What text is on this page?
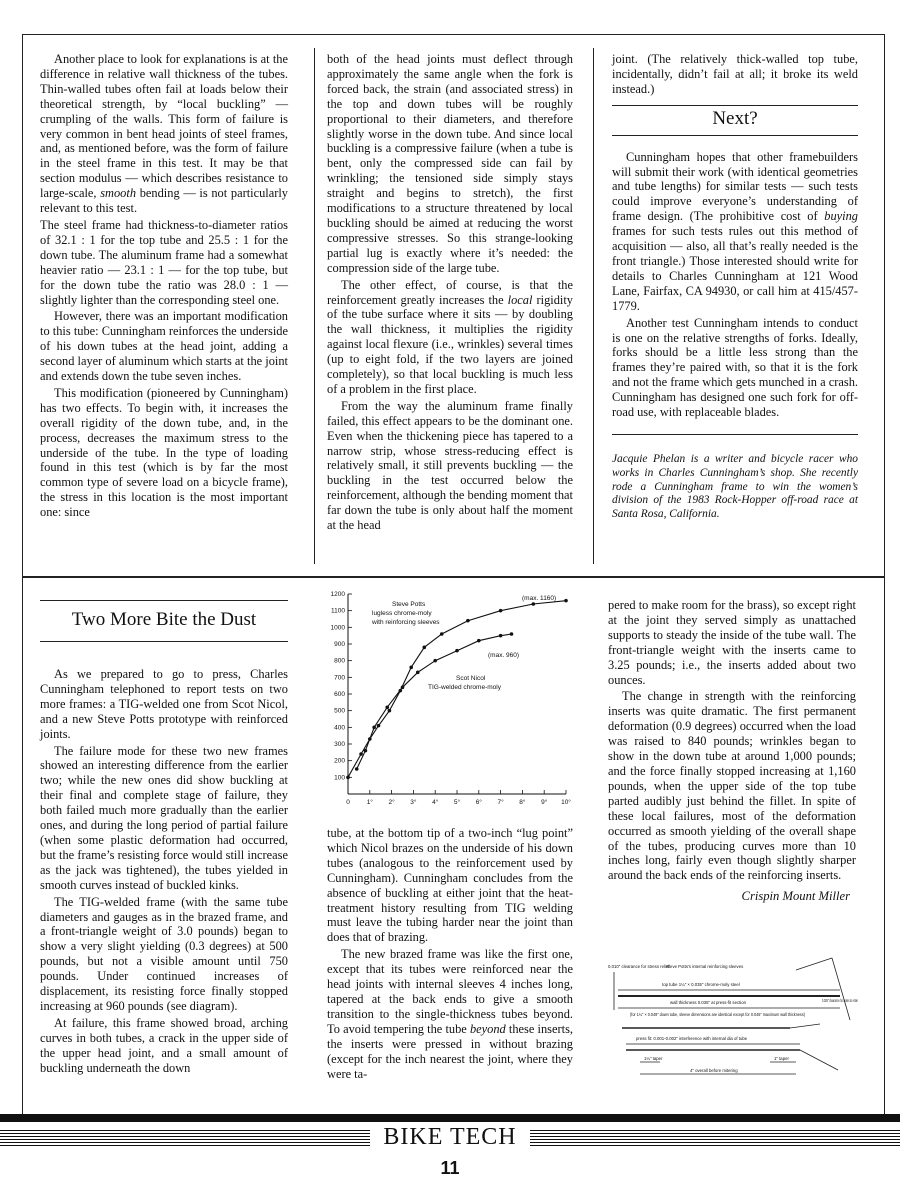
Another place to look for explanations is at the difference in relative wall thickness of the tubes. Thin-walled tubes often fail at loads below their theoretical strength, by “local buckling” — crumpling of the walls. This form of failure is very common in bent head joints of steel frames, and, as mentioned before, was the form of failure in the steel frame in this test. It may be that section modulus — which describes resistance to large-scale, smooth bending — is not particularly relevant to this test.

The steel frame had thickness-to-diameter ratios of 32.1 : 1 for the top tube and 25.5 : 1 for the down tube. The aluminum frame had a somewhat heavier ratio — 23.1 : 1 — for the top tube, but for the down tube the ratio was 28.0 : 1 — slightly lighter than the corresponding steel one.

However, there was an important modification to this tube: Cunningham reinforces the underside of his down tubes at the head joint, adding a second layer of aluminum which starts at the joint and extends down the tube seven inches.

This modification (pioneered by Cunningham) has two effects. To begin with, it increases the overall rigidity of the down tube, and, in the process, decreases the maximum stress to the underside of the tube. In the type of loading found in this test (which is by far the most common type of severe load on a bicycle frame), the stress in this location is the most important one: since

both of the head joints must deflect through approximately the same angle when the fork is forced back, the strain (and associated stress) in the top and down tubes will be roughly proportional to their diameters, and therefore slightly worse in the down tube. And since local buckling is a compressive failure (when a tube is bent, only the compressed side can fail by wrinkling; the tensioned side simply stays straight and begins to stretch), the first modifications to a structure threatened by local buckling should be aimed at reducing the worst compressive stresses. So this strange-looking partial lug is exactly where it’s needed: the compression side of the large tube.

The other effect, of course, is that the reinforcement greatly increases the local rigidity of the tube surface where it sits — by doubling the wall thickness, it multiplies the rigidity against local flexure (i.e., wrinkles) several times (up to eight fold, if the two layers are joined completely), so that local buckling is much less of a problem in the first place.

From the way the aluminum frame finally failed, this effect appears to be the dominant one. Even when the thickening piece has tapered to a narrow strip, whose stress-reducing effect is relatively small, it still prevents buckling — the buckling in the test occurred below the reinforcement, although the bending moment that far down the tube is only about half the moment at the head

joint. (The relatively thick-walled top tube, incidentally, didn’t fail at all; it broke its weld instead.)

Next?

Cunningham hopes that other framebuilders will submit their work (with identical geometries and tube lengths) for similar tests — such tests could improve everyone’s understanding of frame design. (The prohibitive cost of buying frames for such tests rules out this method of acquisition — also, all that’s really needed is the front triangle.) Those interested should write for details to Charles Cunningham at 121 Wood Lane, Fairfax, CA 94930, or call him at 415/457-1779.

Another test Cunningham intends to conduct is one on the relative strengths of forks. Ideally, forks should be a little less strong than the frames they’re paired with, so that it is the fork and not the frame which gets munched in a crash. Cunningham has designed one such fork for off-road use, with replaceable blades.

Jacquie Phelan is a writer and bicycle racer who works in Charles Cunningham’s shop. She recently rode a Cunningham frame to win the women’s division of the 1983 Rock-Hopper off-road race at Santa Rosa, California.
Two More Bite the Dust

As we prepared to go to press, Charles Cunningham telephoned to report tests on two more frames: a TIG-welded one from Scot Nicol, and a new Steve Potts prototype with reinforced joints.

The failure mode for these two new frames showed an interesting difference from the earlier two; while the new ones did show buckling at their final and complete stage of failure, they both failed much more gradually than the earlier ones, and during the long period of partial failure (when some plastic deformation had occurred, but the frame’s resisting force would still increase as the jack was tightened), the tubes yielded in smooth curves instead of buckled kinks.

The TIG-welded frame (with the same tube diameters and gauges as in the brazed frame, and a front-triangle weight of 3.0 pounds) began to show a very slight yielding (0.3 degrees) at 500 pounds, but not a visible amount until 750 pounds. Under continued increases of displacement, its resisting force finally stopped increasing at 960 pounds (see diagram).

At failure, this frame showed broad, arching curves in both tubes, a crack in the upper side of the upper head joint, and a small amount of buckling underneath the down

100
200
300
400
500
600
700
800
900
1000
1100
1200
0	1° 2° 3° 4° 5° 6° 7° 8° 9° 10°
Steve Potts
lugless chrome-moly
with reinforcing sleeves
(max. 1160)
(max. 960)
Scot Nicol
TIG-welded chrome-moly

tube, at the bottom tip of a two-inch “lug point” which Nicol brazes on the underside of his down tubes (analogous to the reinforcement used by Cunningham). Cunningham concludes from the absence of buckling at either joint that the heat-treatment history resulting from TIG welding must leave the tubing harder near the joint than does that of brazing.

The new brazed frame was like the first one, except that its tubes were reinforced near the head joints with internal sleeves 4 inches long, tapered at the back ends to give a smooth transition to the single-thickness tubes beyond. To avoid tempering the tube beyond these inserts, the inserts were pressed in without brazing (except for the inch nearest the joint, where they were ta-

pered to make room for the brass), so except right at the joint they served simply as unattached supports to steady the inside of the tube wall. The front-triangle weight with the inserts came to 3.25 pounds; i.e., the inserts added about two ounces.

The change in strength with the reinforcing inserts was quite dramatic. The first permanent deformation (0.9 degrees) occurred when the load was raised to 840 pounds; wrinkles began to show in the down tube at around 1,000 pounds; and the force finally stopped increasing at 1,160 pounds, when the upper side of the top tube parted audibly just behind the fillet. In spite of these local failures, most of the deformation occurred as smooth yielding of the overall shape of the tubes, producing curves more than 10 inches long, fairly even though slightly sharper around the back ends of the reinforcing inserts.

Crispin Mount Miller
0.010" clearance for stress relief
Steve Potts's internal reinforcing sleeves
top tube 1¼" × 0.035" chrome-moly steel
wall thickness 0.035" at press-fit section
(for 1¼" × 0.049" down tube, sleeve dimensions are identical except for 0.045" maximum wall thickness)
press fit: 0.001-0.002" interference with internal dia of tube
0.025" clearance for brass to enter
1¼" taper	1" taper
4" overall before mitering
BIKE TECH
11
